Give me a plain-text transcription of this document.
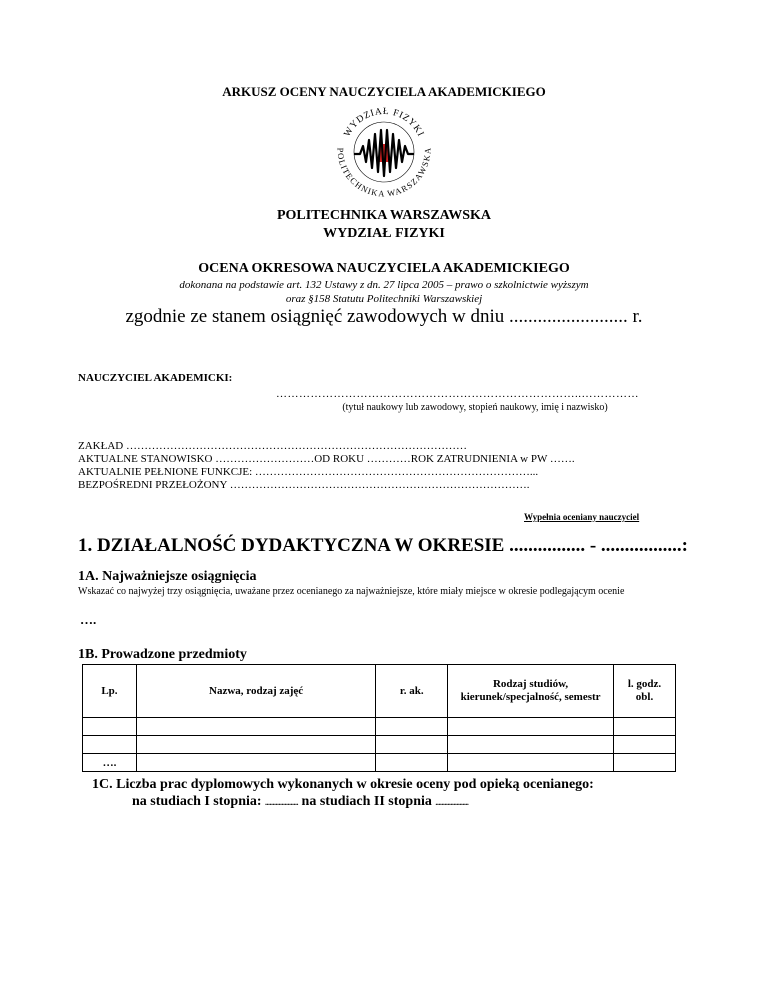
ARKUSZ OCENY NAUCZYCIELA AKADEMICKIEGO
WYDZIAŁ FIZYKI
POLITECHNIKA WARSZAWSKA
POLITECHNIKA WARSZAWSKA
WYDZIAŁ FIZYKI
OCENA OKRESOWA NAUCZYCIELA AKADEMICKIEGO
dokonana na podstawie art. 132 Ustawy z dn. 27 lipca 2005 – prawo o szkolnictwie wyższym
oraz §158 Statutu Politechniki Warszawskiej
zgodnie ze stanem osiągnięć zawodowych w dniu ......................... r.
NAUCZYCIEL AKADEMICKI:
……………………………………………………………………..……………
(tytuł naukowy lub zawodowy, stopień naukowy, imię i nazwisko)
ZAKŁAD …………………………………………………………………………………
AKTUALNE STANOWISKO ………………………OD ROKU …………ROK ZATRUDNIENIA w PW …….
AKTUALNIE PEŁNIONE FUNKCJE: …………………………………………………………………...
BEZPOŚREDNI PRZEŁOŻONY ……………………………………………………………………….
Wypełnia oceniany nauczyciel
1. DZIAŁALNOŚĆ DYDAKTYCZNA W OKRESIE ................ - .................:
1A. Najważniejsze osiągnięcia
Wskazać co najwyżej trzy osiągnięcia, uważane przez ocenianego za najważniejsze, które miały miejsce w okresie podlegającym ocenie
….
1B. Prowadzone przedmioty
Lp.	Nazwa, rodzaj zajęć	r. ak.	Rodzaj studiów, kierunek/specjalność, semestr	l. godz. obl.

….				
1C. Liczba prac dyplomowych wykonanych w okresie oceny pod opieką ocenianego:
na studiach I stopnia: ...................... na studiach II stopnia ......................
